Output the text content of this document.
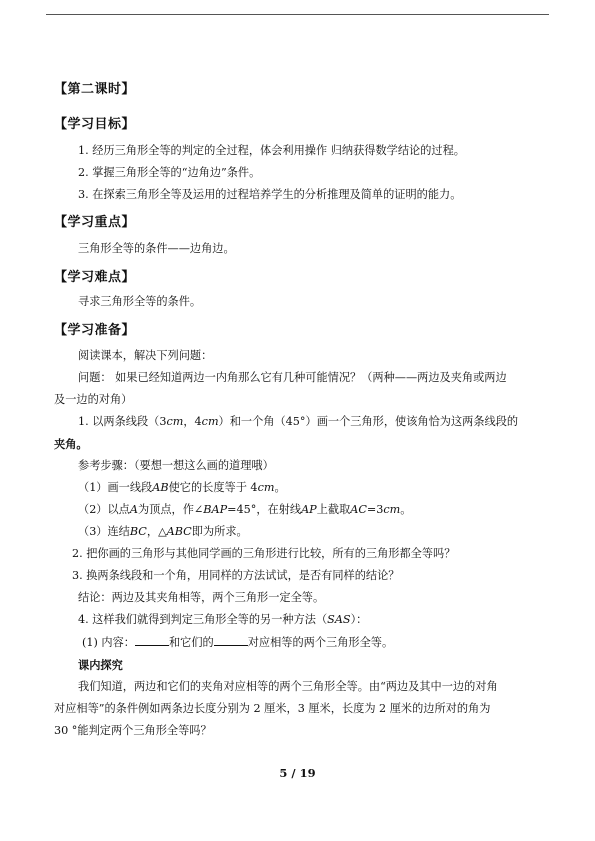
【第二课时】
【学习目标】
1. 经历三角形全等的判定的全过程，体会利用操作 归纳获得数学结论的过程。
2. 掌握三角形全等的“边角边”条件。
3. 在探索三角形全等及运用的过程培养学生的分析推理及简单的证明的能力。
【学习重点】
三角形全等的条件——边角边。
【学习难点】
寻求三角形全等的条件。
【学习准备】
阅读课本，解决下列问题：
问题： 如果已经知道两边一内角那么它有几种可能情况？（两种——两边及夹角或两边
及一边的对角）
1. 以两条线段（3cm，4cm）和一个角（45°）画一个三角形，使该角恰为这两条线段的
夹角。
参考步骤：（要想一想这么画的道理哦）
（1）画一线段AB使它的长度等于 4cm。
（2）以点A为顶点，作∠BAP=45°，在射线AP上截取AC=3cm。
（3）连结BC，△ABC即为所求。
2. 把你画的三角形与其他同学画的三角形进行比较，所有的三角形都全等吗？
3. 换两条线段和一个角，用同样的方法试试，是否有同样的结论？
结论：两边及其夹角相等，两个三角形一定全等。
4. 这样我们就得到判定三角形全等的另一种方法（SAS）：
(1) 内容：	和它们的	对应相等的两个三角形全等。
课内探究
我们知道，两边和它们的夹角对应相等的两个三角形全等。由“两边及其中一边的对角
对应相等”的条件例如两条边长度分别为 2 厘米，3 厘米，长度为 2 厘米的边所对的角为
30 °能判定两个三角形全等吗？
5 / 19
